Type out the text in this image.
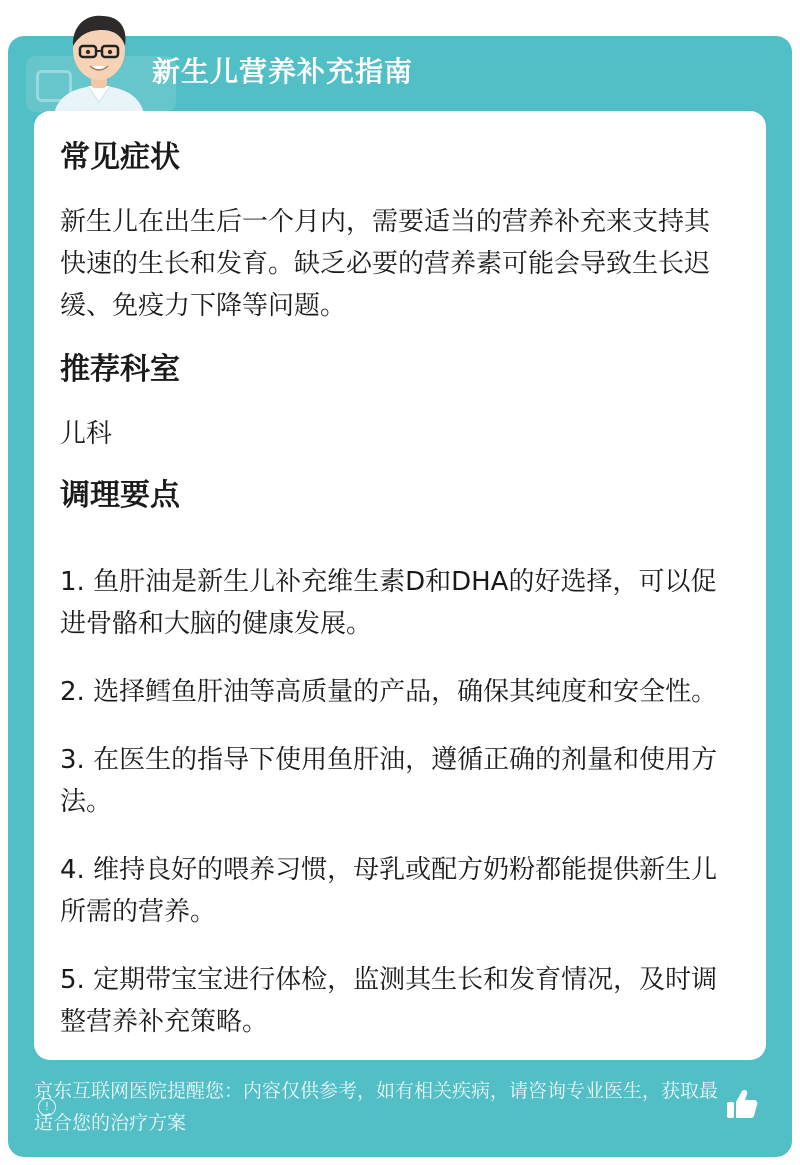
新生儿营养补充指南
常见症状

新生儿在出生后一个月内，需要适当的营养补充来支持其快速的生长和发育。缺乏必要的营养素可能会导致生长迟缓、免疫力下降等问题。

推荐科室

儿科

调理要点

1. 鱼肝油是新生儿补充维生素D和DHA的好选择，可以促进骨骼和大脑的健康发展。

2. 选择鳕鱼肝油等高质量的产品，确保其纯度和安全性。

3. 在医生的指导下使用鱼肝油，遵循正确的剂量和使用方法。

4. 维持良好的喂养习惯，母乳或配方奶粉都能提供新生儿所需的营养。

5. 定期带宝宝进行体检，监测其生长和发育情况，及时调整营养补充策略。

!
京东互联网医院提醒您：内容仅供参考，如有相关疾病，请咨询专业医生，获取最适合您的治疗方案
